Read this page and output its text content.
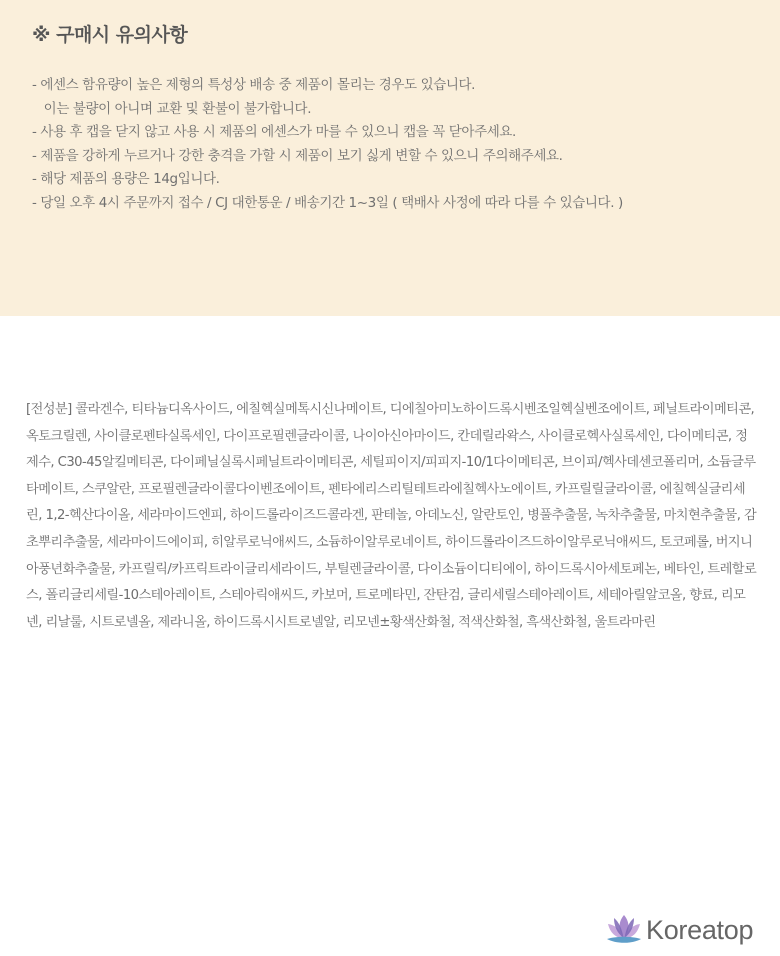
※ 구매시 유의사항
- 에센스 함유량이 높은 제형의 특성상 배송 중 제품이 몰리는 경우도 있습니다.
이는 불량이 아니며 교환 및 환불이 불가합니다.
- 사용 후 캡을 닫지 않고 사용 시 제품의 에센스가 마를 수 있으니 캡을 꼭 닫아주세요.
- 제품을 강하게 누르거나 강한 충격을 가할 시 제품이 보기 싫게 변할 수 있으니 주의해주세요.
- 해당 제품의 용량은 14g입니다.
- 당일 오후 4시 주문까지 접수 / CJ 대한통운 / 배송기간 1~3일 ( 택배사 사정에 따라 다를 수 있습니다. )

[전성분] 콜라겐수, 티타늄디옥사이드, 에칠헥실메톡시신나메이트, 디에칠아미노하이드록시벤조일헥실벤조에이트, 페닐트라이메티콘, 옥토크릴렌, 사이클로펜타실록세인, 다이프로필렌글라이콜, 나이아신아마이드, 칸데릴라왁스, 사이클로헥사실록세인, 다이메티콘, 정제수, C30-45알킬메티콘, 다이페닐실록시페닐트라이메티콘, 세틸피이지/피피지-10/1다이메티콘, 브이피/헥사데센코폴리머, 소듐글루타메이트, 스쿠알란, 프로필렌글라이콜다이벤조에이트, 펜타에리스리틸테트라에칠헥사노에이트, 카프릴릴글라이콜, 에칠헥실글리세린, 1,2-헥산다이올, 세라마이드엔피, 하이드롤라이즈드콜라겐, 판테놀, 아데노신, 알란토인, 병풀추출물, 녹차추출물, 마치현추출물, 감초뿌리추출물, 세라마이드에이피, 히알루로닉애씨드, 소듐하이알루로네이트, 하이드롤라이즈드하이알루로닉애씨드, 토코페롤, 버지니아풍년화추출물, 카프릴릭/카프릭트라이글리세라이드, 부틸렌글라이콜, 다이소듐이디티에이, 하이드록시아세토페논, 베타인, 트레할로스, 폴리글리세릴-10스테아레이트, 스테아릭애씨드, 카보머, 트로메타민, 잔탄검, 글리세릴스테아레이트, 세테아릴알코올, 향료, 리모넨, 리날룰, 시트로넬올, 제라니올, 하이드록시시트로넬알, 리모넨±황색산화철, 적색산화철, 흑색산화철, 울트라마린

Koreatop
